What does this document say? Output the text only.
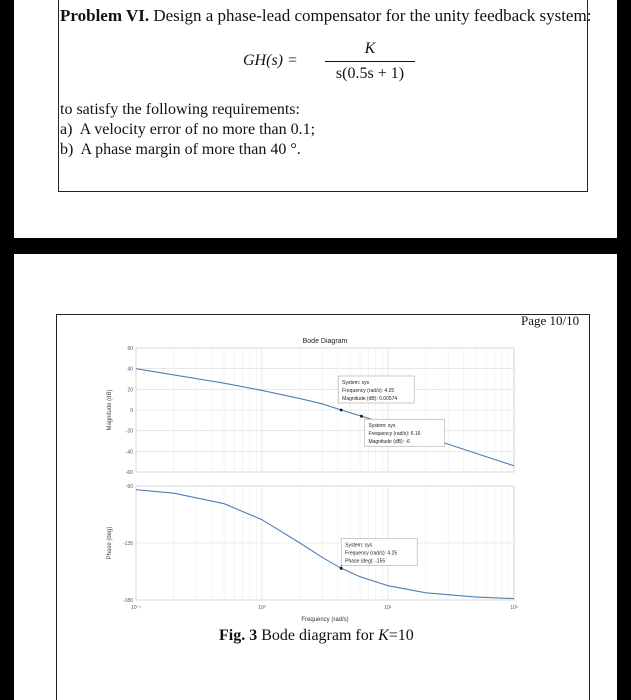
Problem VI. Design a phase-lead compensator for the unity feedback system:
GH(s) =
K
s(0.5s + 1)
to satisfy the following requirements:
a) A velocity error of no more than 0.1;
b) A phase margin of more than 40 °.
Page 10/10
Bode Diagram
60
40
20
0
-20
-40
-60
Magnitude (dB)
System: sys
Frequency (rad/s): 4.25
Magnitude (dB): 0.00574
System: sys
Frequency (rad/s): 6.16
Magnitude (dB): -6
-90
-135
-180
Phase (deg)	System: sys
Frequency (rad/s): 4.25
Phase (deg): -155
10⁻¹	10⁰	10¹	10²
Frequency (rad/s)
Fig. 3 Bode diagram for K=10
